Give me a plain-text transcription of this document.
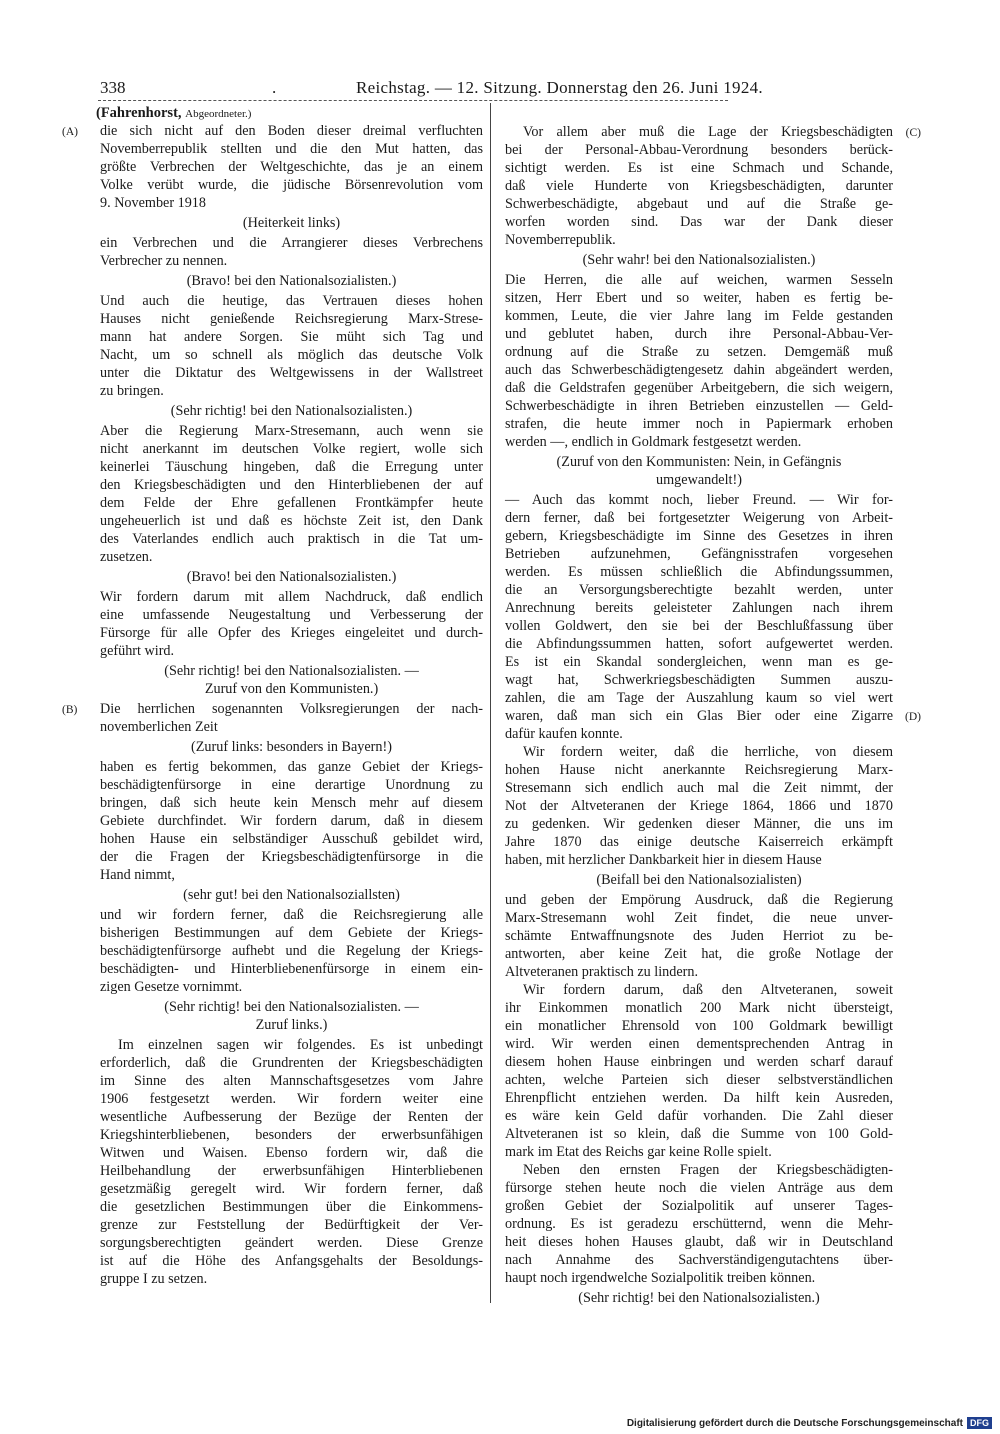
338	.	Reichstag. — 12. Sitzung. Donnerstag den 26. Juni 1924.
(Fahrenhorst, Abgeordneter.)
die sich nicht auf den Boden dieser dreimal verfluchten
(A)
Novemberrepublik stellten und die den Mut hatten, das
größte Verbrechen der Weltgeschichte, das je an einem
Volke verübt wurde, die jüdische Börsenrevolution vom
9. November 1918
(Heiterkeit links)
ein Verbrechen und die Arrangierer dieses Verbrechens
Verbrecher zu nennen.
(Bravo! bei den Nationalsozialisten.)
Und auch die heutige, das Vertrauen dieses hohen
Hauses nicht genießende Reichsregierung Marx-Strese-
mann hat andere Sorgen. Sie müht sich Tag und
Nacht, um so schnell als möglich das deutsche Volk
unter die Diktatur des Weltgewissens in der Wallstreet
zu bringen.
(Sehr richtig! bei den Nationalsozialisten.)
Aber die Regierung Marx-Stresemann, auch wenn sie
nicht anerkannt im deutschen Volke regiert, wolle sich
keinerlei Täuschung hingeben, daß die Erregung unter
den Kriegsbeschädigten und den Hinterbliebenen der auf
dem Felde der Ehre gefallenen Frontkämpfer heute
ungeheuerlich ist und daß es höchste Zeit ist, den Dank
des Vaterlandes endlich auch praktisch in die Tat um-
zusetzen.
(Bravo! bei den Nationalsozialisten.)
Wir fordern darum mit allem Nachdruck, daß endlich
eine umfassende Neugestaltung und Verbesserung der
Fürsorge für alle Opfer des Krieges eingeleitet und durch-
geführt wird.
(Sehr richtig! bei den Nationalsozialisten. —
Zuruf von den Kommunisten.)
Die herrlichen sogenannten Volksregierungen der nach-
(B)
novemberlichen Zeit
(Zuruf links: besonders in Bayern!)
haben es fertig bekommen, das ganze Gebiet der Kriegs-
beschädigtenfürsorge in eine derartige Unordnung zu
bringen, daß sich heute kein Mensch mehr auf diesem
Gebiete durchfindet. Wir fordern darum, daß in diesem
hohen Hause ein selbständiger Ausschuß gebildet wird,
der die Fragen der Kriegsbeschädigtenfürsorge in die
Hand nimmt,
(sehr gut! bei den Nationalsoziallsten)
und wir fordern ferner, daß die Reichsregierung alle
bisherigen Bestimmungen auf dem Gebiete der Kriegs-
beschädigtenfürsorge aufhebt und die Regelung der Kriegs-
beschädigten- und Hinterbliebenenfürsorge in einem ein-
zigen Gesetze vornimmt.
(Sehr richtig! bei den Nationalsozialisten. —
Zuruf links.)
Im einzelnen sagen wir folgendes. Es ist unbedingt
erforderlich, daß die Grundrenten der Kriegsbeschädigten
im Sinne des alten Mannschaftsgesetzes vom Jahre
1906 festgesetzt werden. Wir fordern weiter eine
wesentliche Aufbesserung der Bezüge der Renten der
Kriegshinterbliebenen, besonders der erwerbsunfähigen
Witwen und Waisen. Ebenso fordern wir, daß die
Heilbehandlung der erwerbsunfähigen Hinterbliebenen
gesetzmäßig geregelt wird. Wir fordern ferner, daß
die gesetzlichen Bestimmungen über die Einkommens-
grenze zur Feststellung der Bedürftigkeit der Ver-
sorgungsberechtigten geändert werden. Diese Grenze
ist auf die Höhe des Anfangsgehalts der Besoldungs-
gruppe I zu setzen.
Vor allem aber muß die Lage der Kriegsbeschädigten (C)
bei der Personal-Abbau-Verordnung besonders berück-
sichtigt werden. Es ist eine Schmach und Schande,
daß viele Hunderte von Kriegsbeschädigten, darunter
Schwerbeschädigte, abgebaut und auf die Straße ge-
worfen worden sind. Das war der Dank dieser
Novemberrepublik.
(Sehr wahr! bei den Nationalsozialisten.)
Die Herren, die alle auf weichen, warmen Sesseln
sitzen, Herr Ebert und so weiter, haben es fertig be-
kommen, Leute, die vier Jahre lang im Felde gestanden
und geblutet haben, durch ihre Personal-Abbau-Ver-
ordnung auf die Straße zu setzen. Demgemäß muß
auch das Schwerbeschädigtengesetz dahin abgeändert werden,
daß die Geldstrafen gegenüber Arbeitgebern, die sich weigern,
Schwerbeschädigte in ihren Betrieben einzustellen — Geld-
strafen, die heute immer noch in Papiermark erhoben
werden —, endlich in Goldmark festgesetzt werden.
(Zuruf von den Kommunisten: Nein, in Gefängnis
umgewandelt!)
— Auch das kommt noch, lieber Freund. — Wir for-
dern ferner, daß bei fortgesetzter Weigerung von Arbeit-
gebern, Kriegsbeschädigte im Sinne des Gesetzes in ihren
Betrieben aufzunehmen, Gefängnisstrafen vorgesehen
werden. Es müssen schließlich die Abfindungssummen,
die an Versorgungsberechtigte bezahlt werden, unter
Anrechnung bereits geleisteter Zahlungen nach ihrem
vollen Goldwert, den sie bei der Beschlußfassung über
die Abfindungssummen hatten, sofort aufgewertet werden.
Es ist ein Skandal sondergleichen, wenn man es ge-
wagt hat, Schwerkriegsbeschädigten Summen auszu-
zahlen, die am Tage der Auszahlung kaum so viel wert
waren, daß man sich ein Glas Bier oder eine Zigarre (D)
dafür kaufen konnte.
Wir fordern weiter, daß die herrliche, von diesem
hohen Hause nicht anerkannte Reichsregierung Marx-
Stresemann sich endlich auch mal die Zeit nimmt, der
Not der Altveteranen der Kriege 1864, 1866 und 1870
zu gedenken. Wir gedenken dieser Männer, die uns im
Jahre 1870 das einige deutsche Kaiserreich erkämpft
haben, mit herzlicher Dankbarkeit hier in diesem Hause
(Beifall bei den Nationalsozialisten)
und geben der Empörung Ausdruck, daß die Regierung
Marx-Stresemann wohl Zeit findet, die neue unver-
schämte Entwaffnungsnote des Juden Herriot zu be-
antworten, aber keine Zeit hat, die große Notlage der
Altveteranen praktisch zu lindern.
Wir fordern darum, daß den Altveteranen, soweit
ihr Einkommen monatlich 200 Mark nicht übersteigt,
ein monatlicher Ehrensold von 100 Goldmark bewilligt
wird. Wir werden einen dementsprechenden Antrag in
diesem hohen Hause einbringen und werden scharf darauf
achten, welche Parteien sich dieser selbstverständlichen
Ehrenpflicht entziehen werden. Da hilft kein Ausreden,
es wäre kein Geld dafür vorhanden. Die Zahl dieser
Altveteranen ist so klein, daß die Summe von 100 Gold-
mark im Etat des Reichs gar keine Rolle spielt.
Neben den ernsten Fragen der Kriegsbeschädigten-
fürsorge stehen heute noch die vielen Anträge aus dem
großen Gebiet der Sozialpolitik auf unserer Tages-
ordnung. Es ist geradezu erschütternd, wenn die Mehr-
heit dieses hohen Hauses glaubt, daß wir in Deutschland
nach Annahme des Sachverständigengutachtens über-
haupt noch irgendwelche Sozialpolitik treiben können.
(Sehr richtig! bei den Nationalsozialisten.)
Digitalisierung gefördert durch die Deutsche Forschungsgemeinschaft DFG
